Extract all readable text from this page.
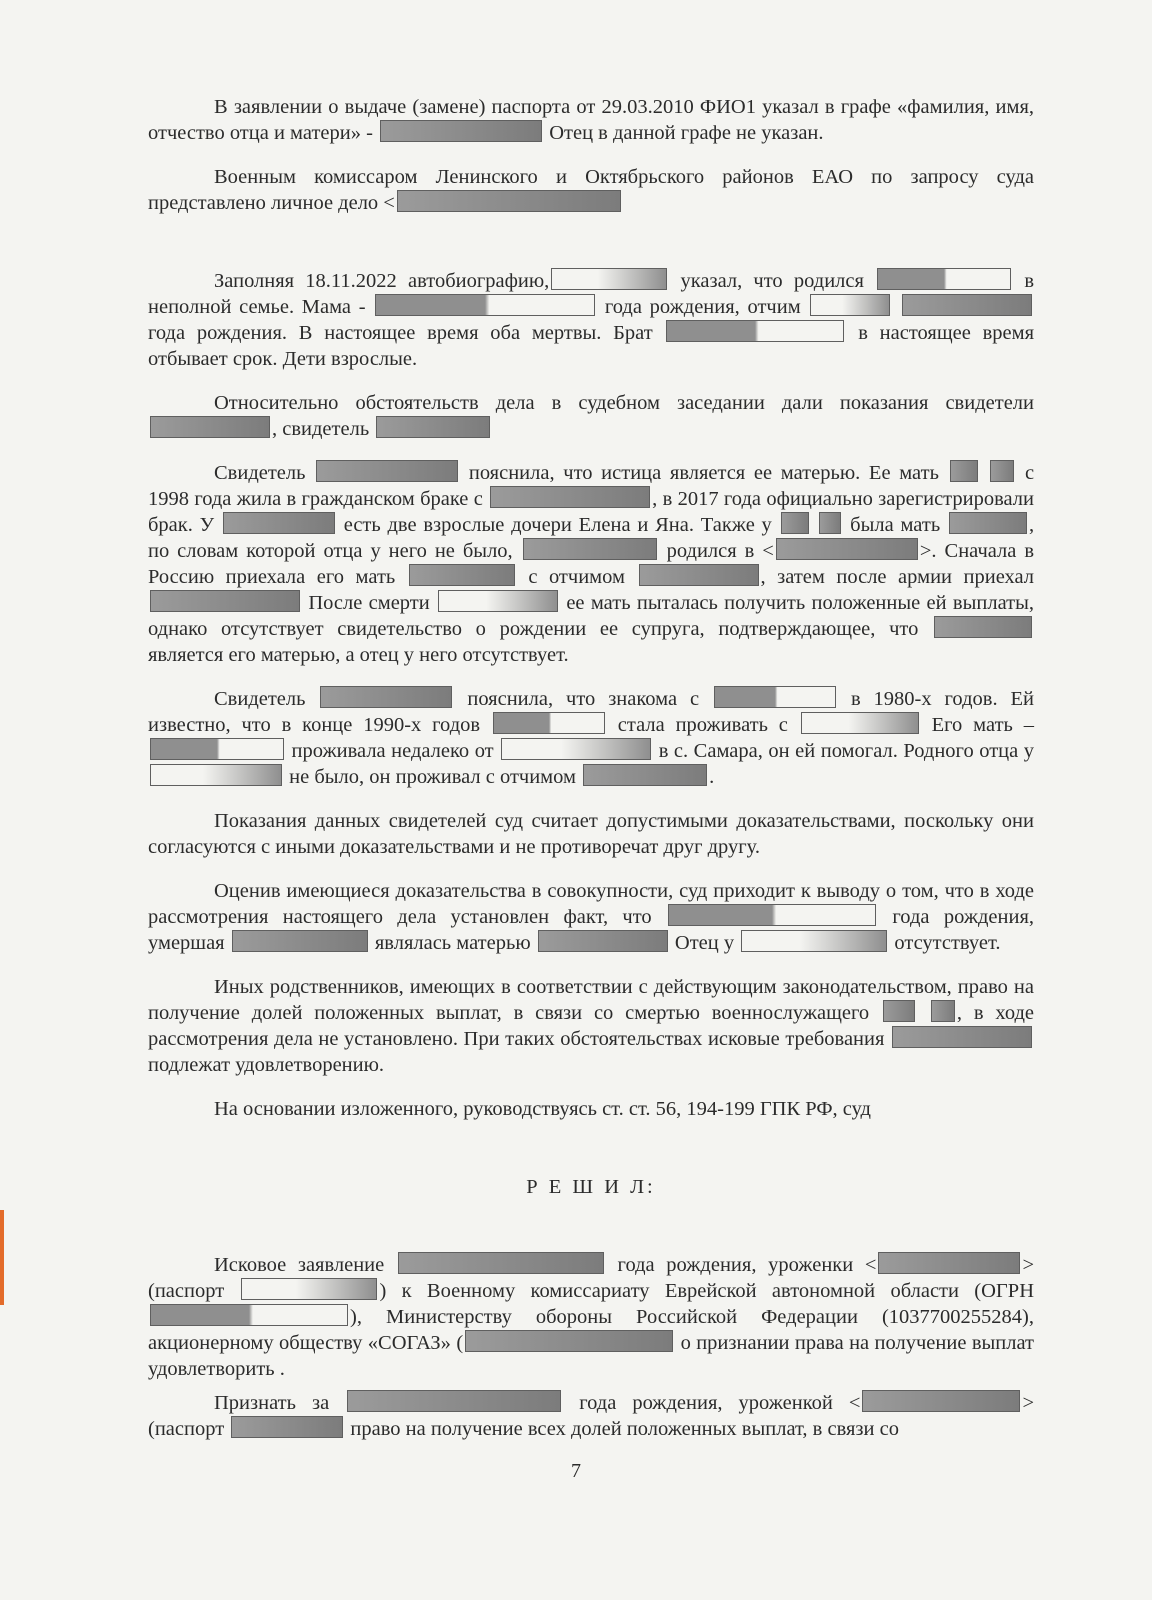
В заявлении о выдаче (замене) паспорта от 29.03.2010 ФИО1 указал в графе «фамилия, имя, отчество отца и матери» -	Отец в данной графе не указан.

Военным комиссаром Ленинского и Октябрьского районов ЕАО по запросу суда представлено личное дело <

Заполняя 18.11.2022 автобиографию,	указал, что родился	в неполной семье. Мама -	года рождения, отчим   года рождения. В настоящее время оба мертвы. Брат	в настоящее время отбывает срок. Дети взрослые.

Относительно обстоятельств дела в судебном заседании дали показания свидетели , свидетель

Свидетель	пояснила, что истица является ее матерью. Ее мать	с 1998 года жила в гражданском браке с	, в 2017 года официально зарегистрировали брак. У	есть две взрослые дочери Елена и Яна. Также у	была мать	, по словам которой отца у него не было,	родился в <	>. Сначала в Россию приехала его мать	с отчимом	, затем после армии приехал  После смерти	ее мать пыталась получить положенные ей выплаты, однако отсутствует свидетельство о рождении ее супруга, подтверждающее, что  является его матерью, а отец у него отсутствует.

Свидетель	пояснила, что знакома с	в 1980-х годов. Ей известно, что в конце 1990-х годов	стала проживать с	Его мать –  проживала недалеко от	в с. Самара, он ей помогал. Родного отца у  не было, он проживал с отчимом	.

Показания данных свидетелей суд считает допустимыми доказательствами, поскольку они согласуются с иными доказательствами и не противоречат друг другу.

Оценив имеющиеся доказательства в совокупности, суд приходит к выводу о том, что в ходе рассмотрения настоящего дела установлен факт, что	года рождения, умершая	являлась матерью	Отец у	отсутствует.

Иных родственников, имеющих в соответствии с действующим законодательством, право на получение долей положенных выплат, в связи со смертью военнослужащего	, в ходе рассмотрения дела не установлено. При таких обстоятельствах исковые требования  подлежат удовлетворению.

На основании изложенного, руководствуясь ст. ст. 56, 194-199 ГПК РФ, суд

Р Е Ш И Л:

Исковое заявление	года рождения, уроженки <	> (паспорт	) к Военному комиссариату Еврейской автономной области (ОГРН ), Министерству обороны Российской Федерации (1037700255284), акционерному обществу «СОГАЗ» (	о признании права на получение выплат удовлетворить .

Признать за	года рождения, уроженкой <	> (паспорт	право на получение всех долей положенных выплат, в связи со

7
